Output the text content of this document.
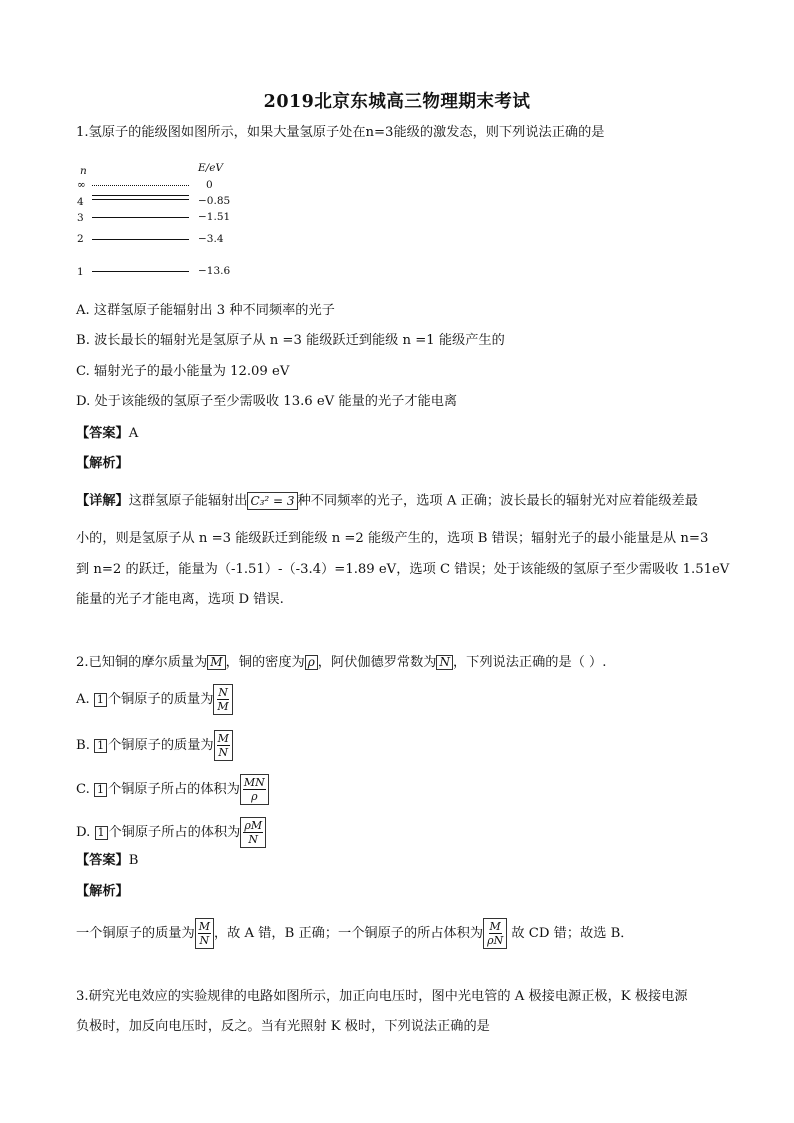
2019北京东城高三物理期末考试
1.氢原子的能级图如图所示，如果大量氢原子处在n=3能级的激发态，则下列说法正确的是
n	E/eV
∞	0
4	−0.85
3	−1.51
2	−3.4
1	−13.6
A. 这群氢原子能辐射出 3 种不同频率的光子
B. 波长最长的辐射光是氢原子从 n =3 能级跃迁到能级 n =1 能级产生的
C. 辐射光子的最小能量为 12.09 eV
D. 处于该能级的氢原子至少需吸收 13.6 eV 能量的光子才能电离
【答案】A
【解析】
【详解】这群氢原子能辐射出 C₃² = 3 种不同频率的光子，选项 A 正确；波长最长的辐射光对应着能级差最
小的，则是氢原子从 n =3 能级跃迁到能级 n =2 能级产生的，选项 B 错误；辐射光子的最小能量是从 n=3
到 n=2 的跃迁，能量为（-1.51）-（-3.4）=1.89 eV，选项 C 错误；处于该能级的氢原子至少需吸收 1.51eV
能量的光子才能电离，选项 D 错误.
2.已知铜的摩尔质量为 M ，铜的密度为 ρ ，阿伏伽德罗常数为 N ，下列说法正确的是（ ）.
A. 1 个铜原子的质量为 $\frac{N}{M}$
B. 1 个铜原子的质量为 $\frac{M}{N}$
C. 1 个铜原子所占的体积为 $\frac{MN}{\rho}$
D. 1 个铜原子所占的体积为 $\frac{\rho M}{N}$
【答案】B
【解析】
一个铜原子的质量为 $\frac{M}{N}$ ，故 A 错，B 正确；一个铜原子的所占体积为 $\frac{M}{\rho N}$ 故 CD 错；故选 B．
3.研究光电效应的实验规律的电路如图所示，加正向电压时，图中光电管的 A 极接电源正极，K 极接电源
负极时，加反向电压时，反之。当有光照射 K 极时，下列说法正确的是
